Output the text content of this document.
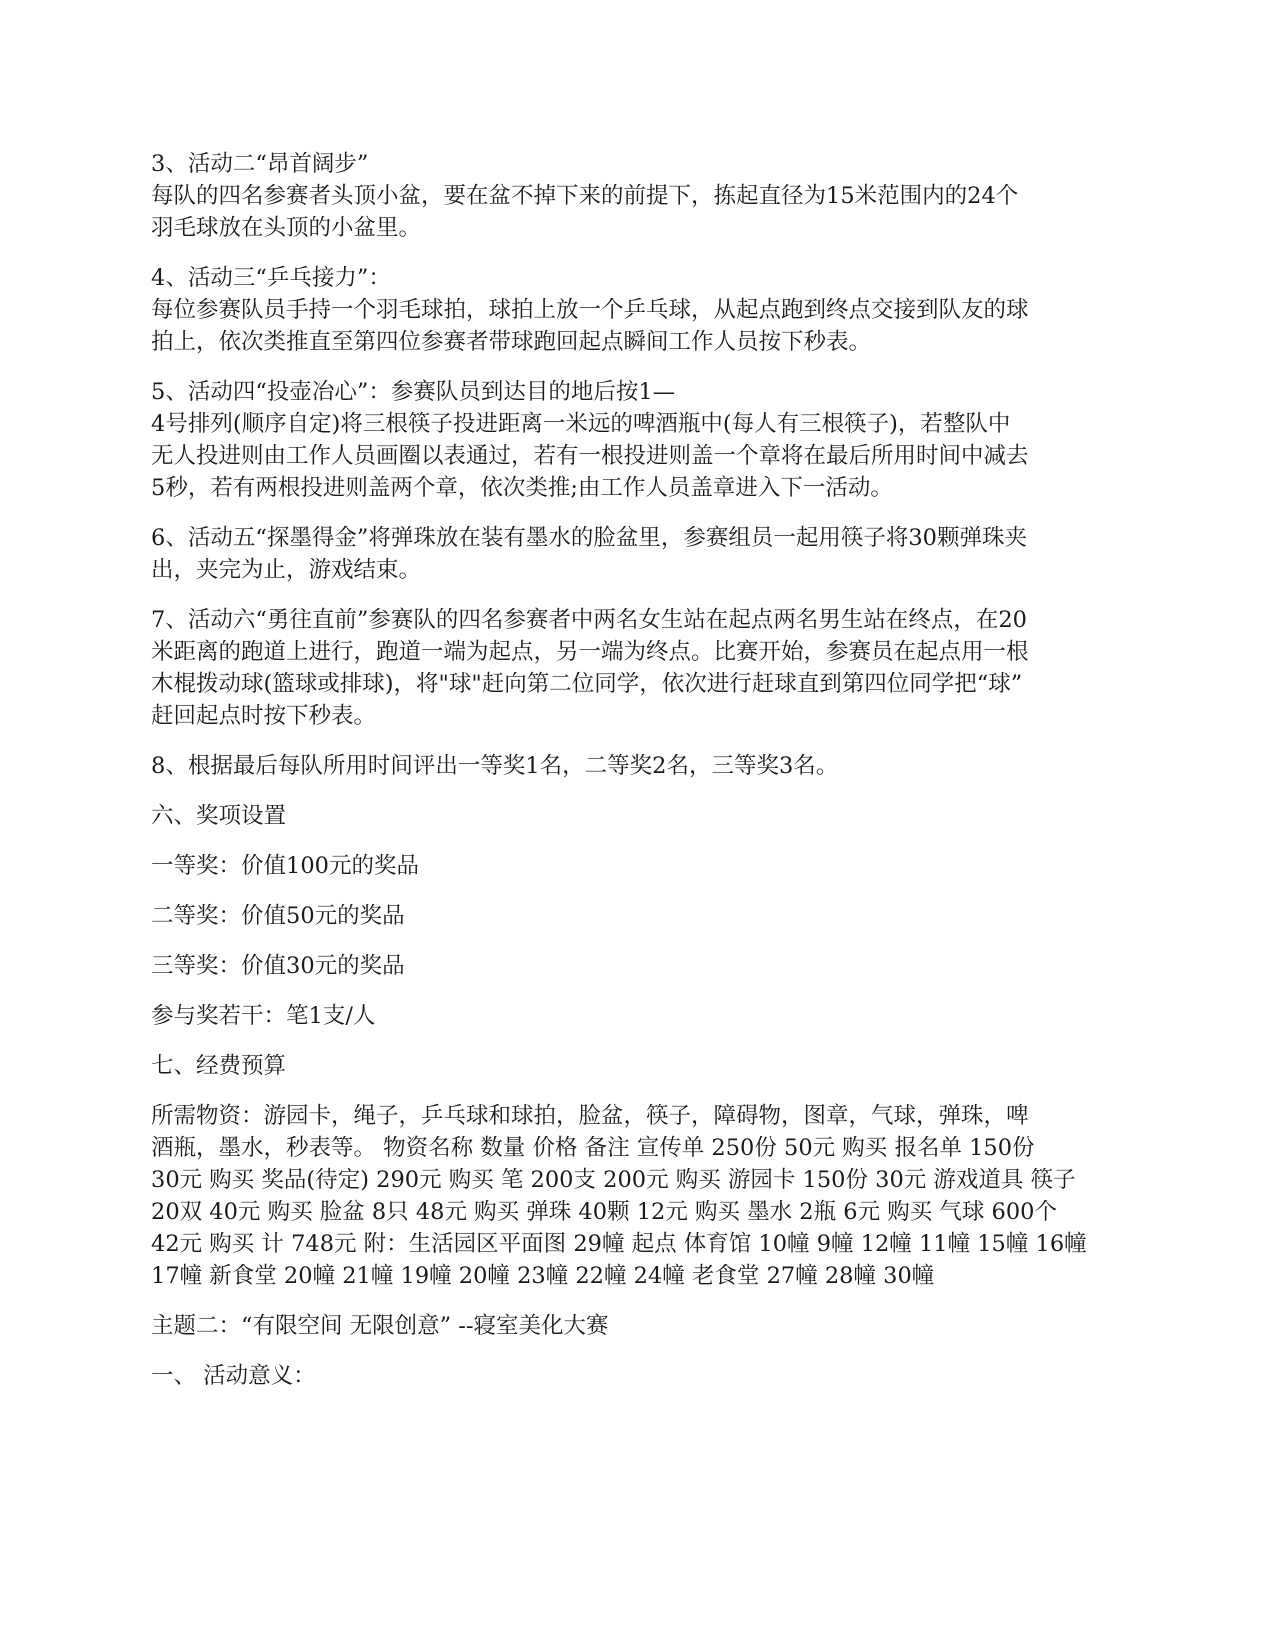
3、活动二“昂首阔步”
每队的四名参赛者头顶小盆，要在盆不掉下来的前提下，拣起直径为15米范围内的24个
羽毛球放在头顶的小盆里。

4、活动三“乒乓接力”：
每位参赛队员手持一个羽毛球拍，球拍上放一个乒乓球，从起点跑到终点交接到队友的球
拍上，依次类推直至第四位参赛者带球跑回起点瞬间工作人员按下秒表。

5、活动四“投壶冶心”：参赛队员到达目的地后按1—
4号排列(顺序自定)将三根筷子投进距离一米远的啤酒瓶中(每人有三根筷子)，若整队中
无人投进则由工作人员画圈以表通过，若有一根投进则盖一个章将在最后所用时间中减去
5秒，若有两根投进则盖两个章，依次类推;由工作人员盖章进入下一活动。

6、活动五“探墨得金”将弹珠放在装有墨水的脸盆里，参赛组员一起用筷子将30颗弹珠夹
出，夹完为止，游戏结束。

7、活动六“勇往直前”参赛队的四名参赛者中两名女生站在起点两名男生站在终点，在20
米距离的跑道上进行，跑道一端为起点，另一端为终点。比赛开始，参赛员在起点用一根
木棍拨动球(篮球或排球)，将"球"赶向第二位同学，依次进行赶球直到第四位同学把“球”
赶回起点时按下秒表。

8、根据最后每队所用时间评出一等奖1名，二等奖2名，三等奖3名。

六、奖项设置

一等奖：价值100元的奖品

二等奖：价值50元的奖品

三等奖：价值30元的奖品

参与奖若干：笔1支/人

七、经费预算

所需物资：游园卡，绳子，乒乓球和球拍，脸盆，筷子，障碍物，图章，气球，弹珠，啤
酒瓶，墨水，秒表等。 物资名称 数量 价格 备注 宣传单 250份 50元 购买 报名单 150份
30元 购买 奖品(待定) 290元 购买 笔 200支 200元 购买 游园卡 150份 30元 游戏道具 筷子
20双 40元 购买 脸盆 8只 48元 购买 弹珠 40颗 12元 购买 墨水 2瓶 6元 购买 气球 600个
42元 购买 计 748元 附：生活园区平面图 29幢 起点 体育馆 10幢 9幢 12幢 11幢 15幢 16幢
17幢 新食堂 20幢 21幢 19幢 20幢 23幢 22幢 24幢 老食堂 27幢 28幢 30幢

主题二：“有限空间 无限创意” --寝室美化大赛

一、 活动意义：
